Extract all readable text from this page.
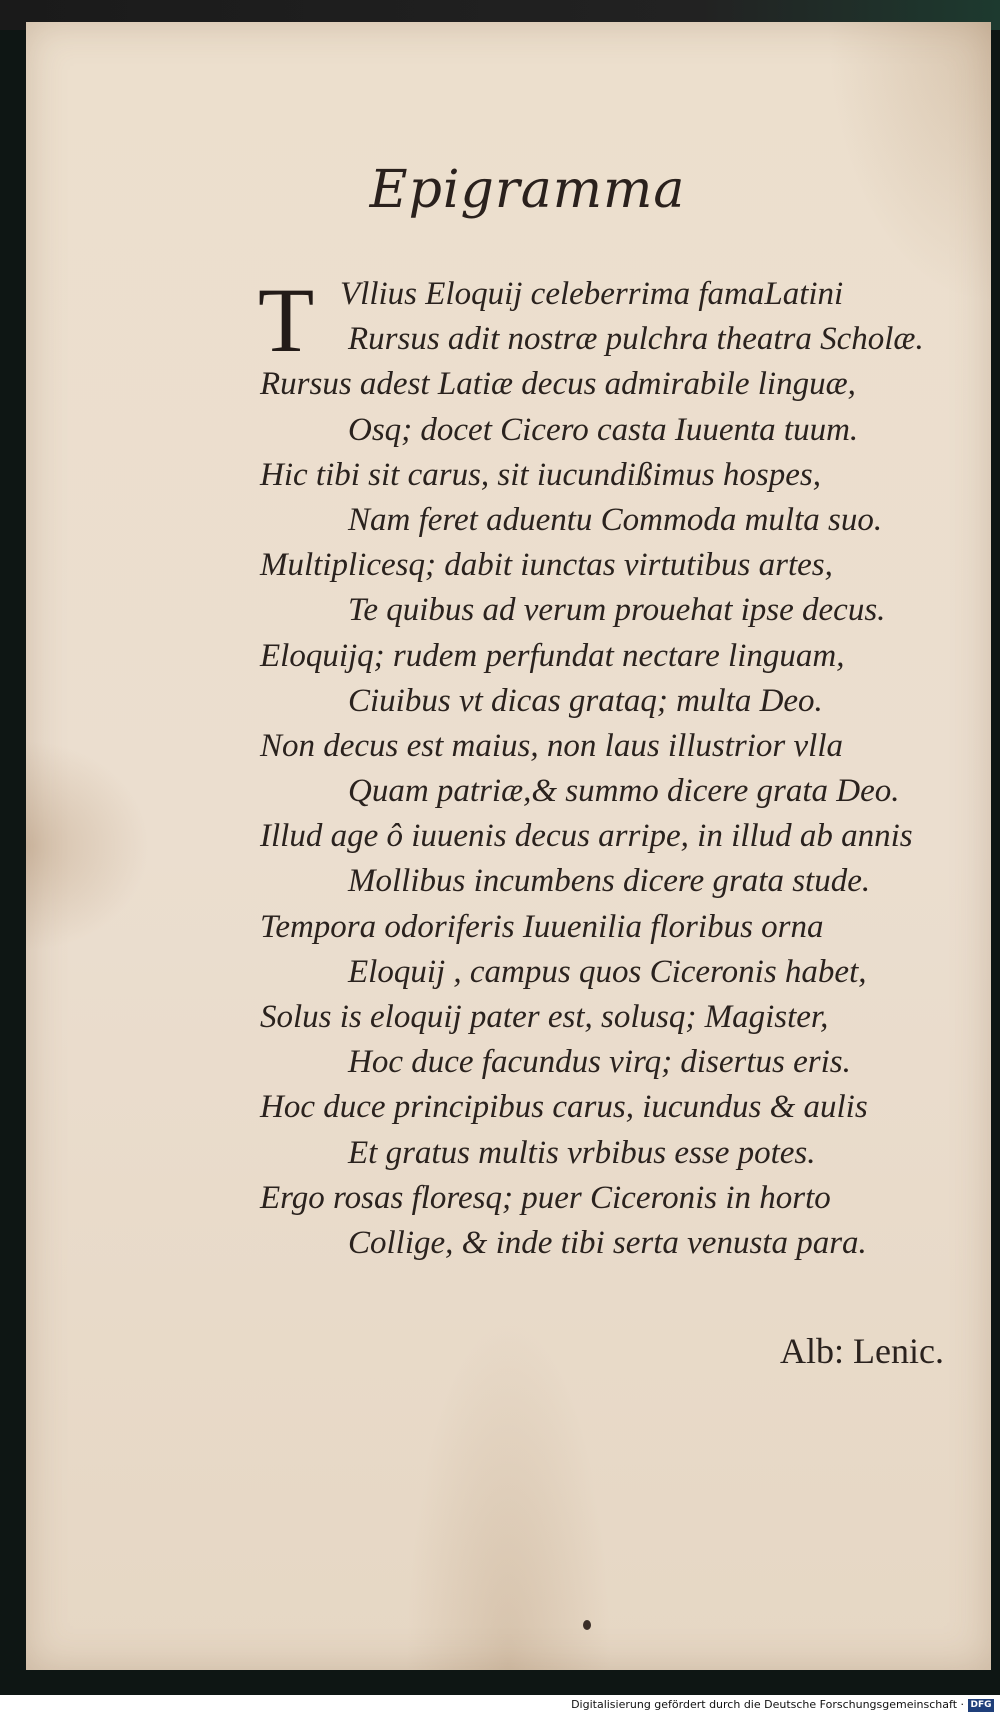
Epigramma
T Vllius Eloquij celeberrima famaLatini
Rursus adit nostræ pulchra theatra Scholæ.
Rursus adest Latiæ decus admirabile linguæ,
Osq; docet Cicero casta Iuuenta tuum.
Hic tibi sit carus, sit iucundißimus hospes,
Nam feret aduentu Commoda multa suo.
Multiplicesq; dabit iunctas virtutibus artes,
Te quibus ad verum prouehat ipse decus.
Eloquijq; rudem perfundat nectare linguam,
Ciuibus vt dicas grataq; multa Deo.
Non decus est maius, non laus illustrior vlla
Quam patriæ,& summo dicere grata Deo.
Illud age ô iuuenis decus arripe, in illud ab annis
Mollibus incumbens dicere grata stude.
Tempora odoriferis Iuuenilia floribus orna
Eloquij , campus quos Ciceronis habet,
Solus is eloquij pater est, solusq; Magister,
Hoc duce facundus virq; disertus eris.
Hoc duce principibus carus, iucundus & aulis
Et gratus multis vrbibus esse potes.
Ergo rosas floresq; puer Ciceronis in horto
Collige, & inde tibi serta venusta para.
Alb: Lenic.
Digitalisierung gefördert durch die Deutsche Forschungsgemeinschaft · DFG
